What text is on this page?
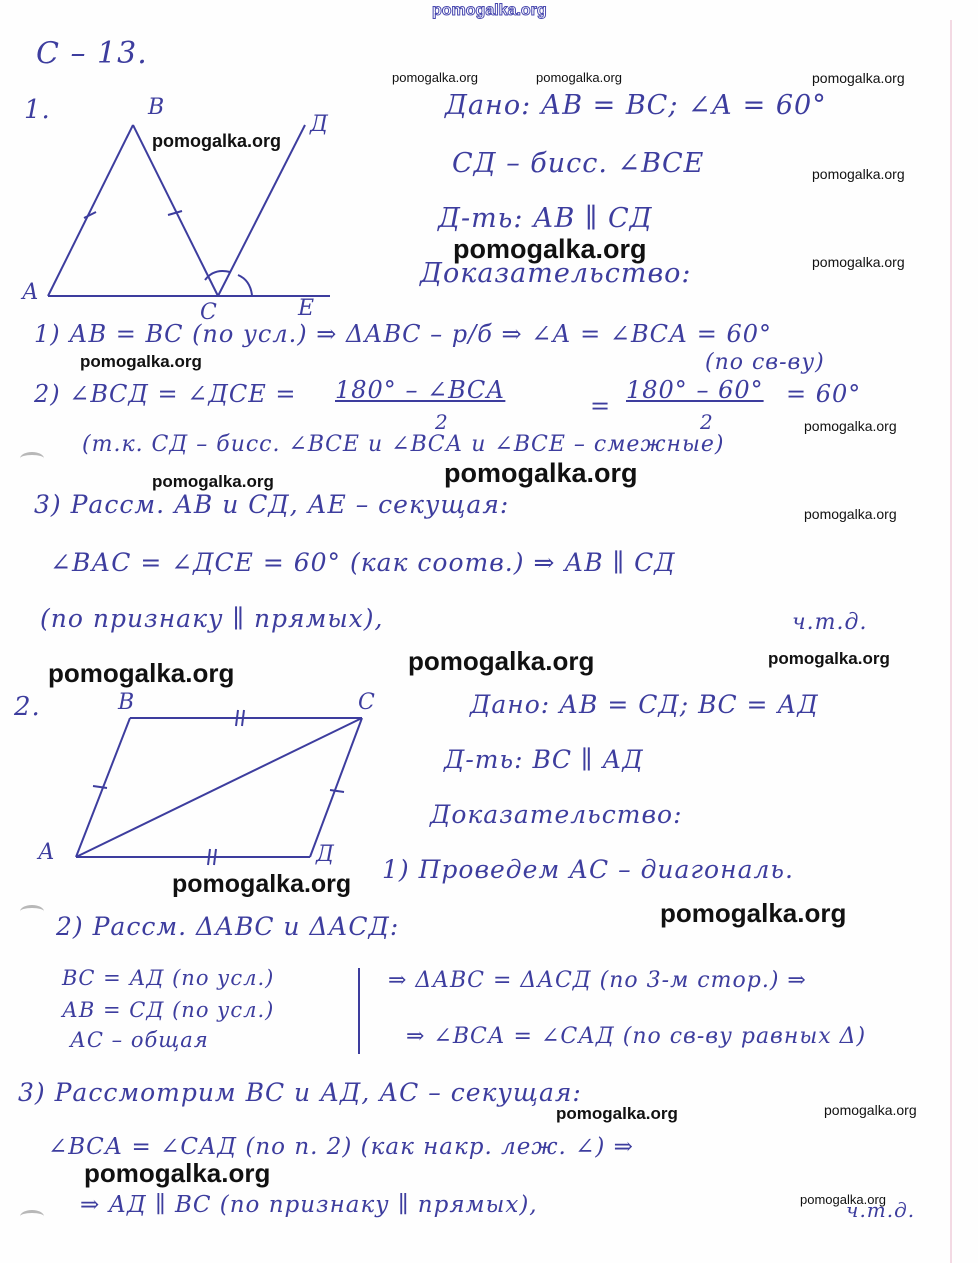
А
В
С
Д
Е
А
В	С
Д
pomogalka.org
С – 13.
1.	Дано: АВ = ВС; ∠А = 60°
СД – бисс. ∠ВСЕ
Д-ть: АВ ∥ СД
Доказательство:
1) АВ = ВС (по усл.) ⇒ ΔАВС – р/б ⇒ ∠А = ∠ВСА = 60°
(по св-ву)
2) ∠ВСД = ∠ДСЕ = 180° – ∠ВСА
2
=
180° – 60°
2
= 60°
(т.к. СД – бисс. ∠ВСЕ и ∠ВСА и ∠ВСЕ – смежные)
3) Рассм. АВ и СД, АЕ – секущая:
∠ВАС = ∠ДСЕ = 60° (как соотв.) ⇒ АВ ∥ СД
(по признаку ∥ прямых),	ч.т.д.
2.	Дано: АВ = СД; ВС = АД
Д-ть: ВС ∥ АД
Доказательство:
1) Проведем АС – диагональ.
2) Рассм. ΔАВС и ΔАСД:
ВС = АД (по усл.)
АВ = СД (по усл.)
АС – общая
⇒ ΔАВС = ΔАСД (по 3-м стор.) ⇒
⇒ ∠ВСА = ∠САД (по св-ву равных Δ)
3) Рассмотрим ВС и АД, АС – секущая:
∠ВСА = ∠САД (по п. 2) (как накр. леж. ∠) ⇒
⇒ АД ∥ ВС (по признаку ∥ прямых),	ч.т.д.
pomogalka.org	pomogalka.org	pomogalka.org
pomogalka.org
pomogalka.org
pomogalka.org	pomogalka.org
pomogalka.org
pomogalka.org
pomogalka.org
pomogalka.org
pomogalka.org
pomogalka.org	pomogalka.org
pomogalka.org
pomogalka.org
pomogalka.org
pomogalka.org	pomogalka.org
pomogalka.org
pomogalka.org
